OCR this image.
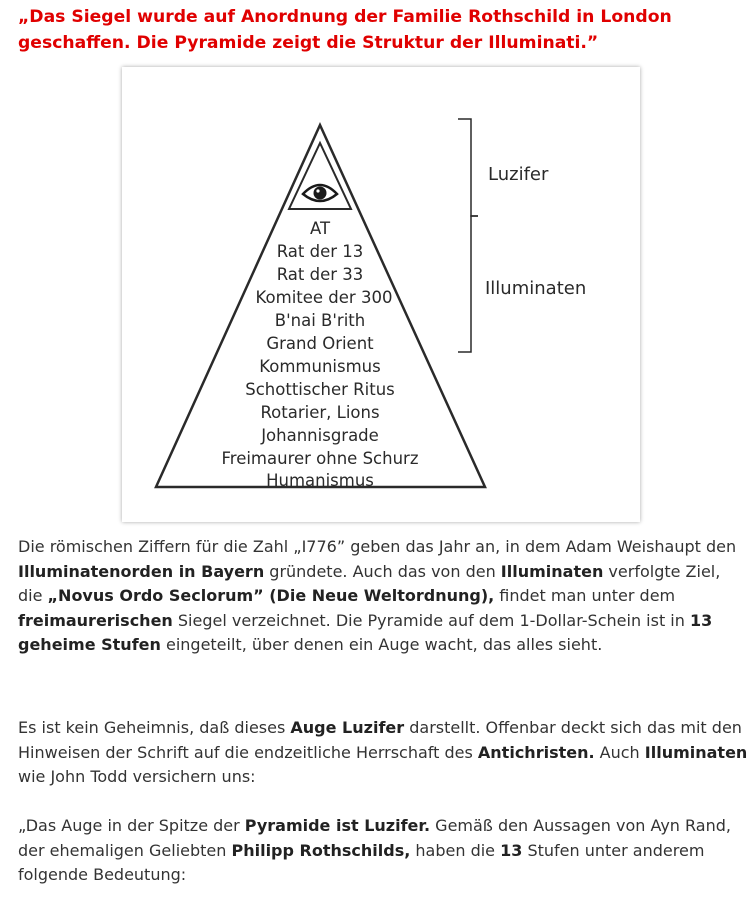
„Das Siegel wurde auf Anordnung der Familie Rothschild in London
geschaffen. Die Pyramide zeigt die Struktur der Illuminati.”
AT
Rat der 13
Rat der 33
Komitee der 300
B'nai B'rith
Grand Orient
Kommunismus
Schottischer Ritus
Rotarier, Lions
Johannisgrade
Freimaurer ohne Schurz
Humanismus
Luzifer
Illuminaten
Die römischen Ziffern für die Zahl „I776” geben das Jahr an, in dem Adam Weishaupt den Illuminatenorden in Bayern gründete. Auch das von den Illuminaten verfolgte Ziel, die „Novus Ordo Seclorum” (Die Neue Weltordnung), findet man unter dem freimaurerischen Siegel verzeichnet. Die Pyramide auf dem 1-Dollar-Schein ist in 13 geheime Stufen eingeteilt, über denen ein Auge wacht, das alles sieht.
Es ist kein Geheimnis, daß dieses Auge Luzifer darstellt. Offenbar deckt sich das mit den Hinweisen der Schrift auf die endzeitliche Herrschaft des Antichristen. Auch Illuminaten wie John Todd versichern uns:
„Das Auge in der Spitze der Pyramide ist Luzifer. Gemäß den Aussagen von Ayn Rand, der ehemaligen Geliebten Philipp Rothschilds, haben die 13 Stufen unter anderem folgende Bedeutung:
